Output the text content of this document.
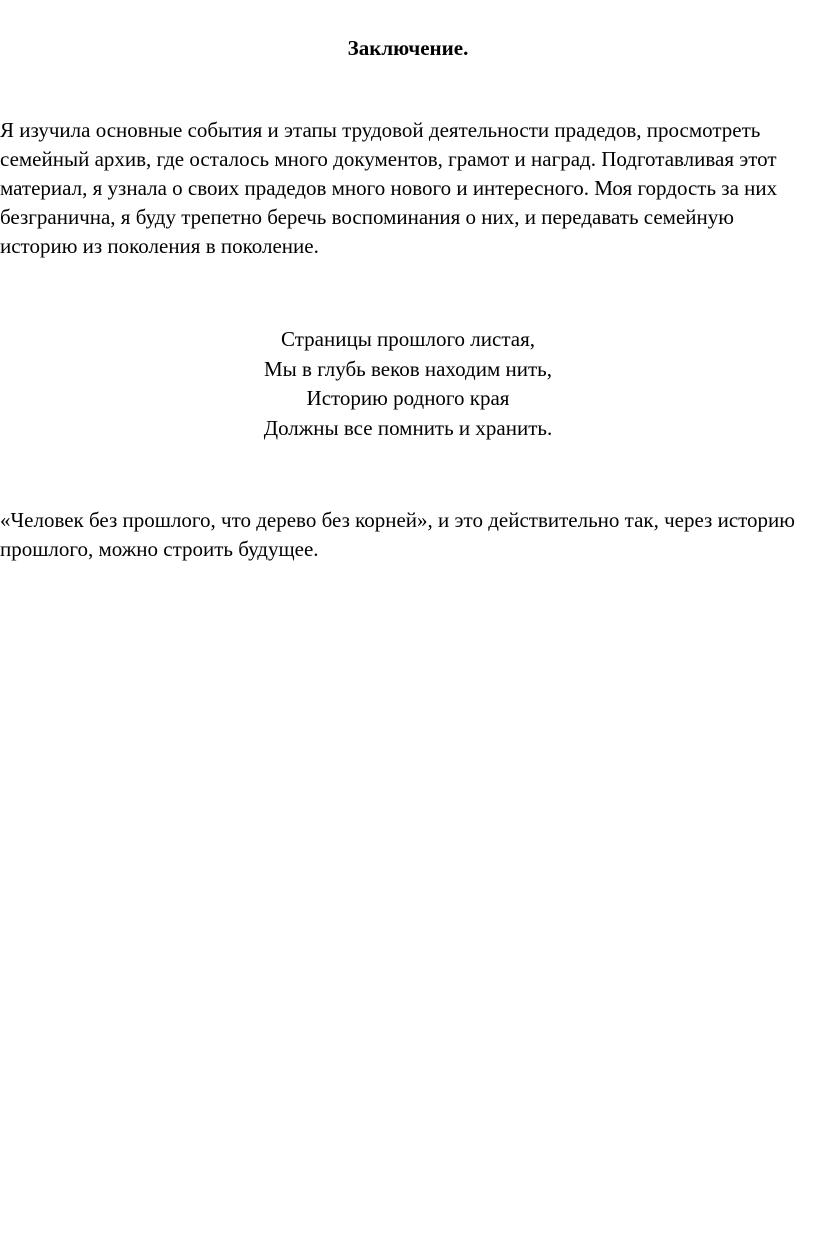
Заключение.

Я изучила основные события и этапы трудовой деятельности прадедов, просмотреть семейный архив, где осталось много документов, грамот и наград. Подготавливая этот материал, я узнала о своих прадедов много нового и интересного. Моя гордость за них безгранична, я буду трепетно беречь воспоминания о них, и передавать семейную историю из поколения в поколение.

Страницы прошлого листая,
Мы в глубь веков находим нить,
Историю родного края
Должны все помнить и хранить.

«Человек без прошлого, что дерево без корней», и это действительно так, через историю прошлого, можно строить будущее.
